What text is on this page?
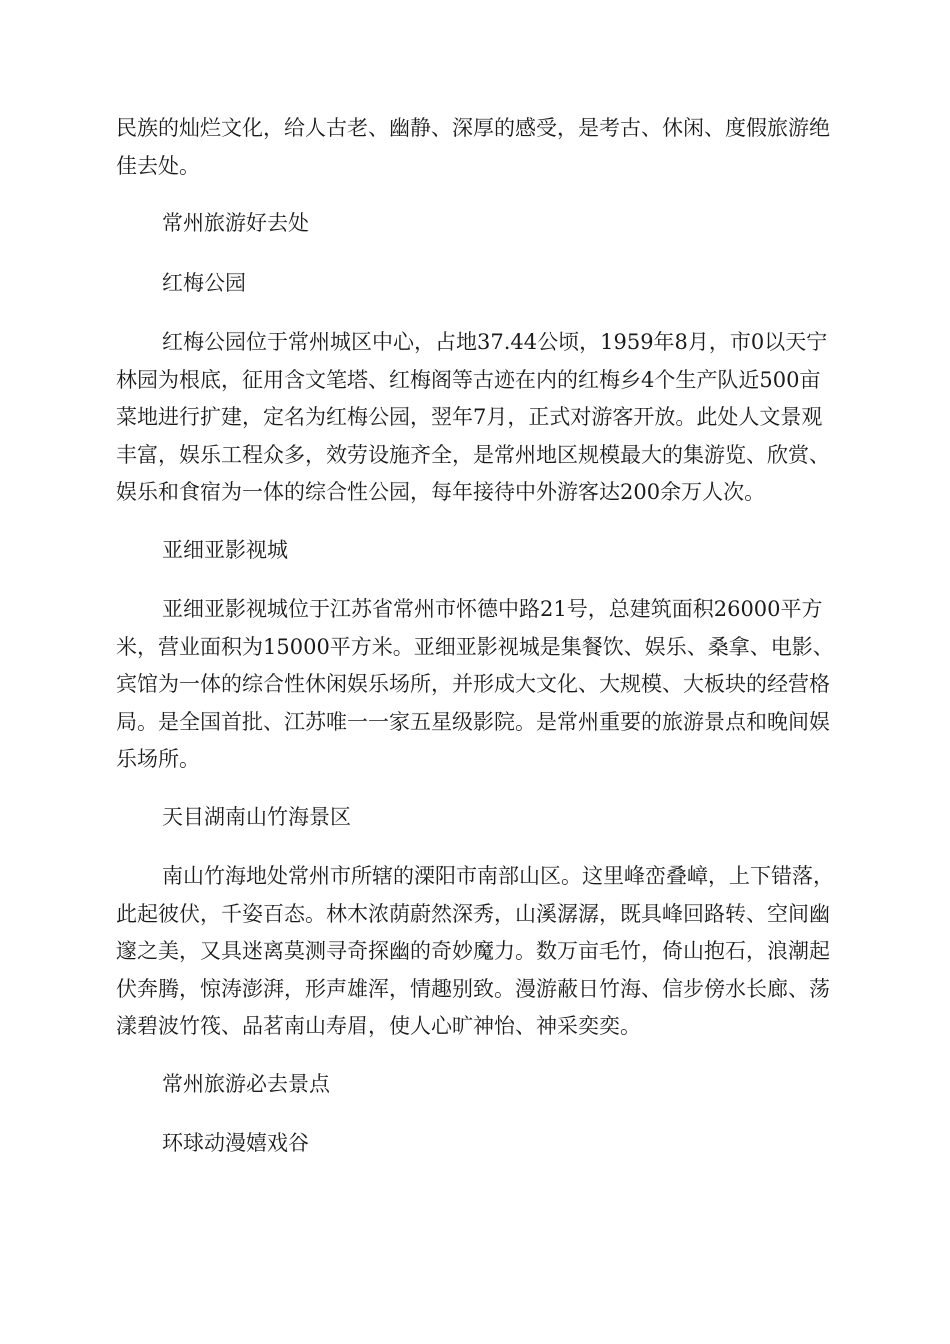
民族的灿烂文化，给人古老、幽静、深厚的感受，是考古、休闲、度假旅游绝佳去处。

常州旅游好去处

红梅公园

红梅公园位于常州城区中心，占地37.44公顷，1959年8月，市0以天宁林园为根底，征用含文笔塔、红梅阁等古迹在内的红梅乡4个生产队近500亩菜地进行扩建，定名为红梅公园，翌年7月，正式对游客开放。此处人文景观丰富，娱乐工程众多，效劳设施齐全，是常州地区规模最大的集游览、欣赏、娱乐和食宿为一体的综合性公园，每年接待中外游客达200余万人次。

亚细亚影视城

亚细亚影视城位于江苏省常州市怀德中路21号，总建筑面积26000平方米，营业面积为15000平方米。亚细亚影视城是集餐饮、娱乐、桑拿、电影、宾馆为一体的综合性休闲娱乐场所，并形成大文化、大规模、大板块的经营格局。是全国首批、江苏唯一一家五星级影院。是常州重要的旅游景点和晚间娱乐场所。

天目湖南山竹海景区

南山竹海地处常州市所辖的溧阳市南部山区。这里峰峦叠嶂，上下错落，此起彼伏，千姿百态。林木浓荫蔚然深秀，山溪潺潺，既具峰回路转、空间幽邃之美，又具迷离莫测寻奇探幽的奇妙魔力。数万亩毛竹，倚山抱石，浪潮起伏奔腾，惊涛澎湃，形声雄浑，情趣别致。漫游蔽日竹海、信步傍水长廊、荡漾碧波竹筏、品茗南山寿眉，使人心旷神怡、神采奕奕。

常州旅游必去景点

环球动漫嬉戏谷
